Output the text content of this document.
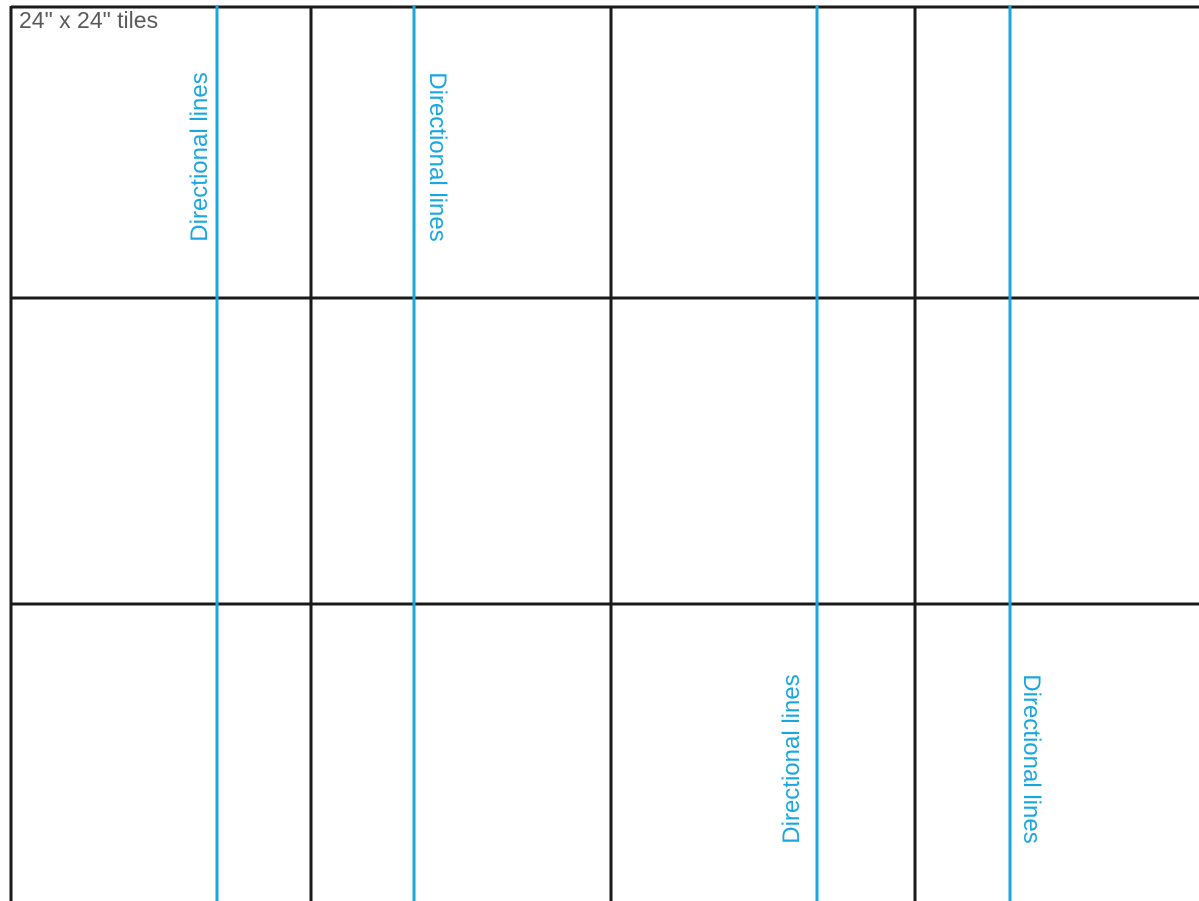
24" x 24" tiles
Directional lines	Directional lines
Directional lines	Directional lines
